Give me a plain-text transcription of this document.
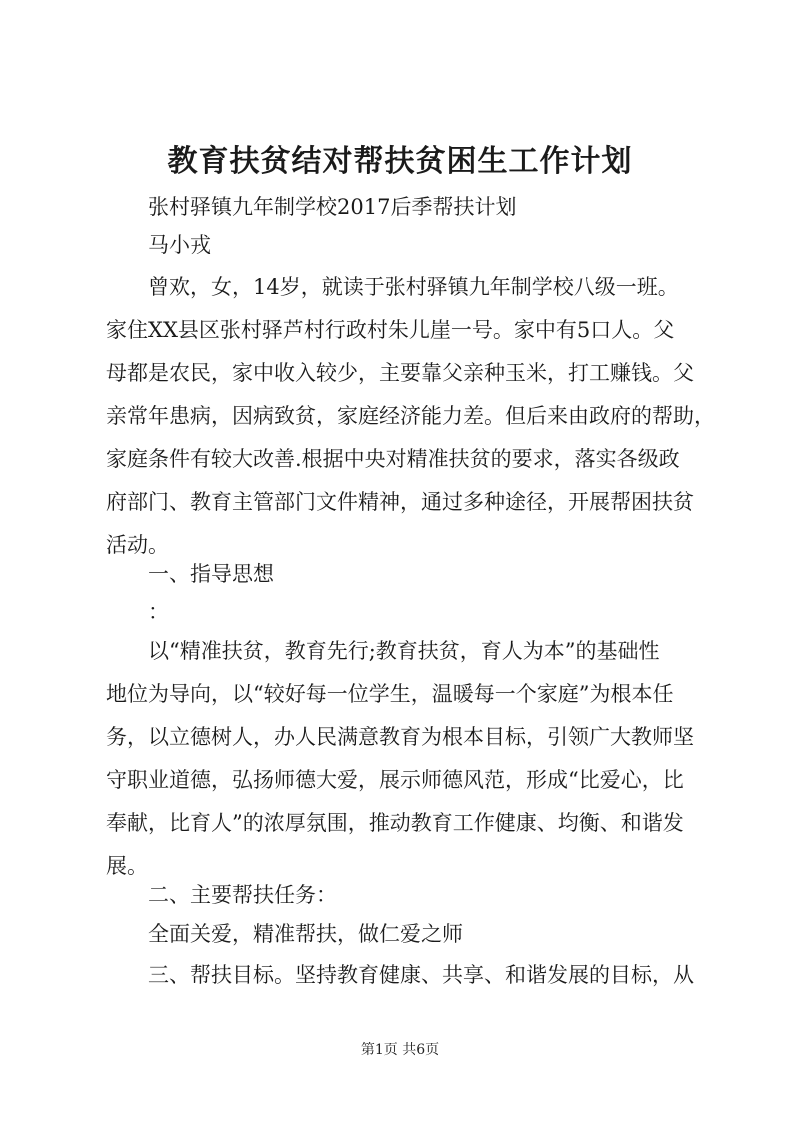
教育扶贫结对帮扶贫困生工作计划
张村驿镇九年制学校2017后季帮扶计划
马小戎
曾欢，女，14岁，就读于张村驿镇九年制学校八级一班。
家住XX县区张村驿芦村行政村朱儿崖一号。家中有5口人。父
母都是农民，家中收入较少，主要靠父亲种玉米，打工赚钱。父
亲常年患病，因病致贫，家庭经济能力差。但后来由政府的帮助，
家庭条件有较大改善.根据中央对精准扶贫的要求，落实各级政
府部门、教育主管部门文件精神，通过多种途径，开展帮困扶贫
活动。
一、指导思想
：
以“精准扶贫，教育先行;教育扶贫，育人为本”的基础性
地位为导向，以“较好每一位学生，温暖每一个家庭”为根本任
务，以立德树人，办人民满意教育为根本目标，引领广大教师坚
守职业道德，弘扬师德大爱，展示师德风范，形成“比爱心，比
奉献，比育人”的浓厚氛围，推动教育工作健康、均衡、和谐发
展。
二、主要帮扶任务：
全面关爱，精准帮扶，做仁爱之师
三、帮扶目标。坚持教育健康、共享、和谐发展的目标，从
第1页 共6页
